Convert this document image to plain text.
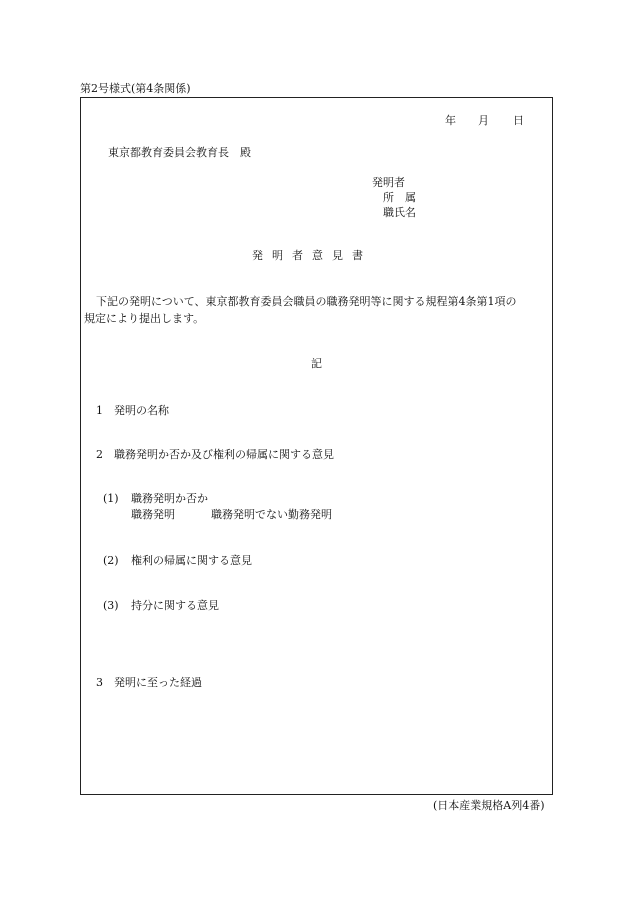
第2号様式(第4条関係)
年 月 日
東京都教育委員会教育長　殿
発明者
所　属
職氏名
発明者意見書
下記の発明について、東京都教育委員会職員の職務発明等に関する規程第4条第1項の
規定により提出します。
記
1 発明の名称
2 職務発明か否か及び権利の帰属に関する意見
(1) 職務発明か否か
職務発明	職務発明でない勤務発明
(2) 権利の帰属に関する意見
(3) 持分に関する意見
3 発明に至った経過
(日本産業規格A列4番)
